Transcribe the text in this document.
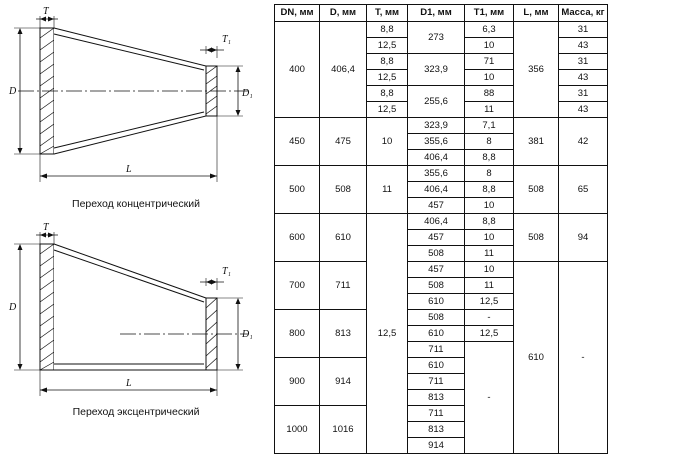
D	D₁
T
T₁
L
Переход концентрический
D
D₁
T
T₁
L
Переход эксцентрический
DN, мм	D, мм	T, мм	D1, мм	T1, мм	L, мм	Масса, кг
400	406,4	8,8	273	6,3	356	31
		12,5		10		43
		8,8	323,9	71		31
		12,5		10		43
		8,8	255,6	88		31
		12,5		11		43
450	475	10	323,9	7,1	381	42
			355,6	8		
			406,4	8,8		
500	508	11	355,6	8	508	65
			406,4	8,8		
			457	10		
600	610	12,5	406,4	8,8	508	94
			457	10		
			508	11		
700	711		457	10	610	-
			508	11		
			610	12,5		
800	813		508	-		
			610	12,5		
			711	-		
900	914		610			
			711			
			813			
1000	1016		711			
			813			
			914			
